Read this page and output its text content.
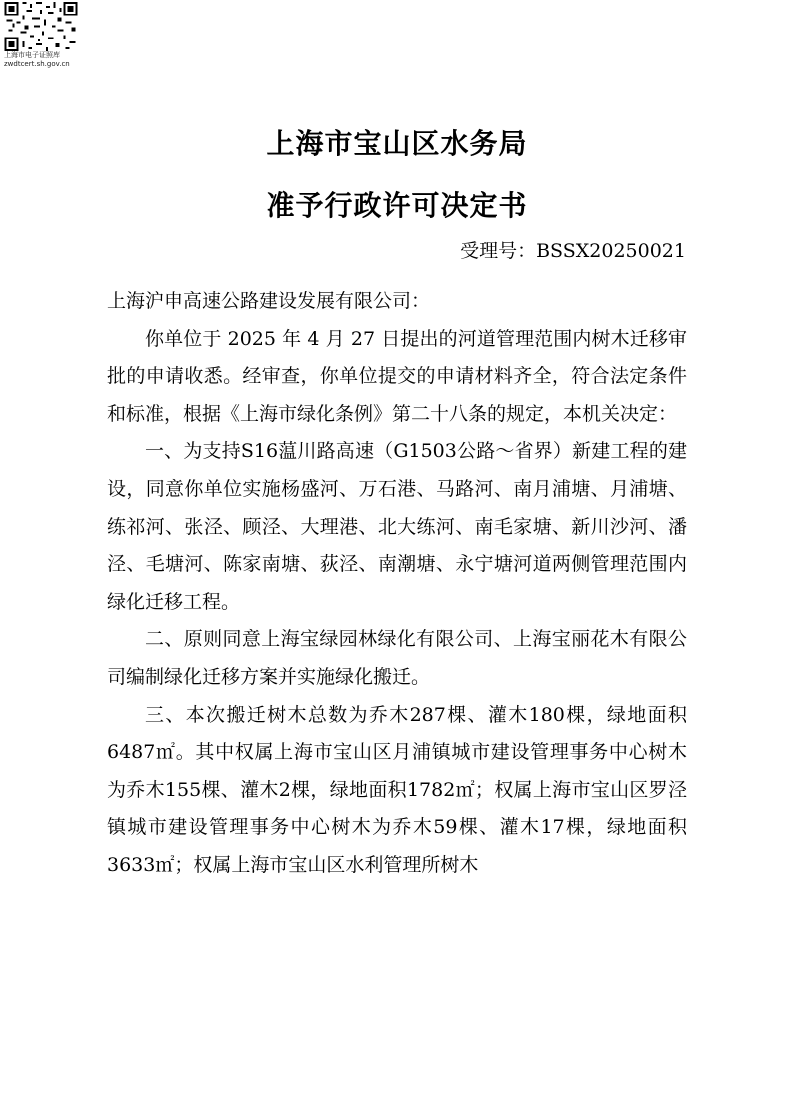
上海市电子证照库
zwdtcert.sh.gov.cn
上海市宝山区水务局
准予行政许可决定书
受理号：BSSX20250021

上海沪申高速公路建设发展有限公司：

你单位于 2025 年 4 月 27 日提出的河道管理范围内树木迁移审批的申请收悉。经审查，你单位提交的申请材料齐全，符合法定条件和标准，根据《上海市绿化条例》第二十八条的规定，本机关决定：

一、为支持S16蕰川路高速（G1503公路～省界）新建工程的建设，同意你单位实施杨盛河、万石港、马路河、南月浦塘、月浦塘、练祁河、张泾、顾泾、大理港、北大练河、南毛家塘、新川沙河、潘泾、毛塘河、陈家南塘、荻泾、南潮塘、永宁塘河道两侧管理范围内绿化迁移工程。

二、原则同意上海宝绿园林绿化有限公司、上海宝丽花木有限公司编制绿化迁移方案并实施绿化搬迁。

三、本次搬迁树木总数为乔木287棵、灌木180棵，绿地面积6487㎡。其中权属上海市宝山区月浦镇城市建设管理事务中心树木为乔木155棵、灌木2棵，绿地面积1782㎡；权属上海市宝山区罗泾镇城市建设管理事务中心树木为乔木59棵、灌木17棵，绿地面积3633㎡；权属上海市宝山区水利管理所树木
